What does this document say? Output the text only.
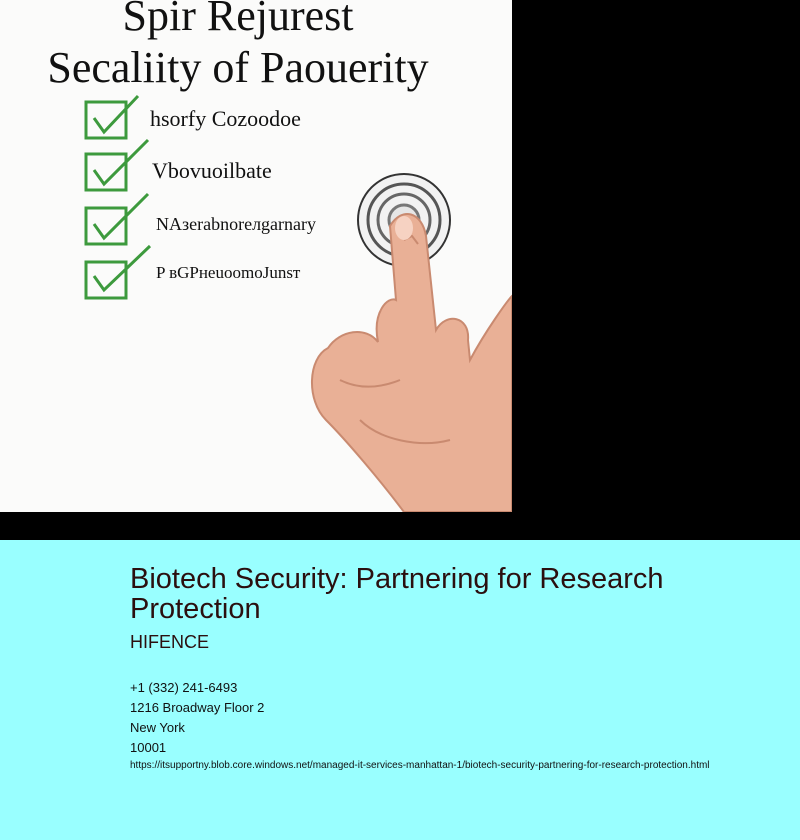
Spir Rejurest
Secaliity of Paouerity
hsorfy Cozoodoe
Vbovuoilbate
NAзerabnoreлgarnary
P вGPнeuoomoJunsт
Biotech Security: Partnering for Research Protection
HIFENCE
+1 (332) 241-6493
1216 Broadway Floor 2
New York
10001
https://itsupportny.blob.core.windows.net/managed-it-services-manhattan-1/biotech-security-partnering-for-research-protection.html
